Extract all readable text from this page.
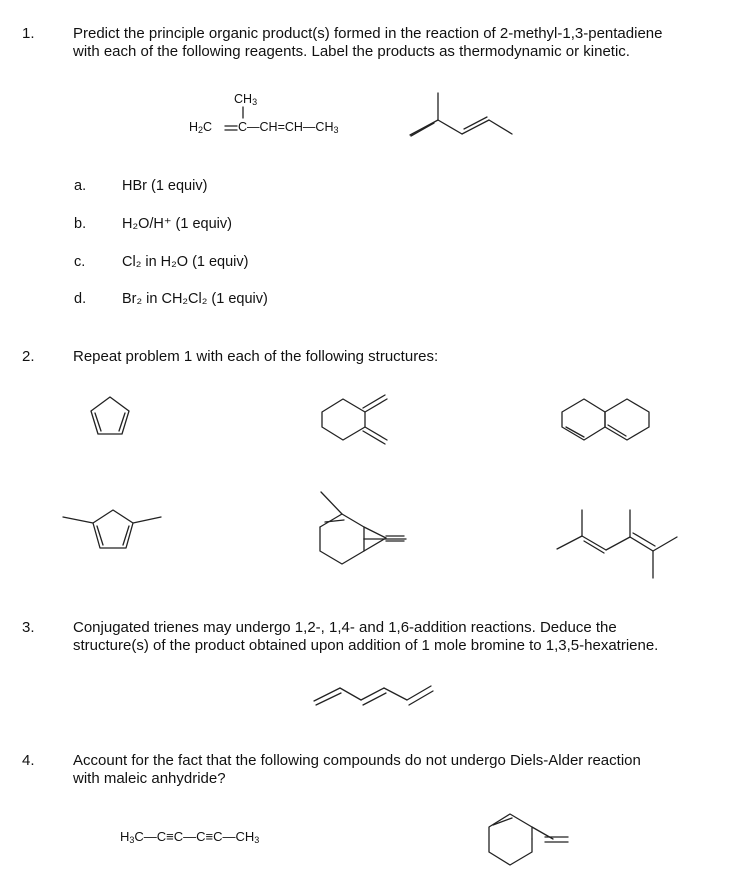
1.	Predict the principle organic product(s) formed in the reaction of 2-methyl-1,3-pentadiene
with each of the following reagents. Label the products as thermodynamic or kinetic.
CH3
H2C C—CH=CH—CH3
a. HBr (1 equiv)
b. H₂O/H⁺ (1 equiv)
c.	Cl₂ in H₂O (1 equiv)
d. Br₂ in CH₂Cl₂ (1 equiv)
2.	Repeat problem 1 with each of the following structures:
3.	Conjugated trienes may undergo 1,2-, 1,4- and 1,6-addition reactions. Deduce the
structure(s) of the product obtained upon addition of 1 mole bromine to 1,3,5-hexatriene.
4.	Account for the fact that the following compounds do not undergo Diels-Alder reaction
with maleic anhydride?
H3C—C≡C—C≡C—CH3
